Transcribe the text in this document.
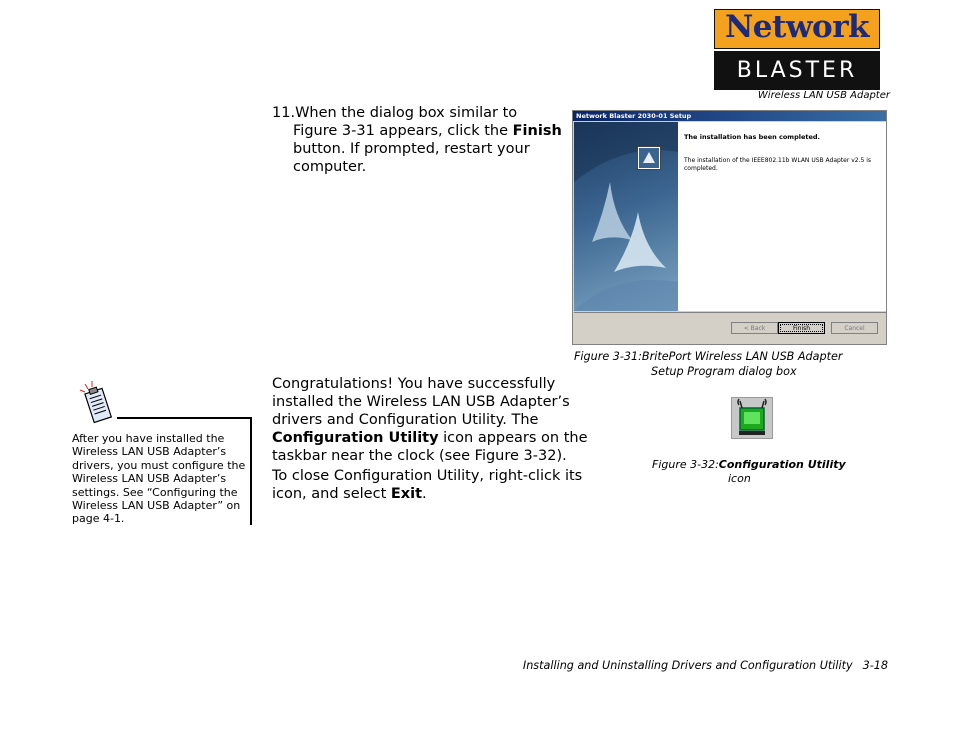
Network
BLASTER
Wireless LAN USB Adapter
11.When the dialog box similar to Figure 3-31 appears, click the Finish button. If prompted, restart your computer.
Network Blaster 2030-01 Setup
The installation has been completed.
The installation of the IEEE802.11b WLAN USB Adapter v2.5 is completed.
< Back	Finish	Cancel
Figure 3-31:BritePort Wireless LAN USB Adapter
Setup Program dialog box
After you have installed the Wireless LAN USB Adapter’s drivers, you must configure the Wireless LAN USB Adapter’s settings. See “Configuring the Wireless LAN USB Adapter” on page 4-1.
Congratulations! You have successfully installed the Wireless LAN USB Adapter’s drivers and Configuration Utility. The Configuration Utility icon appears on the taskbar near the clock (see Figure 3-32).
To close Configuration Utility, right-click its icon, and select Exit.
Figure 3-32:Configuration Utility
icon
Installing and Uninstalling Drivers and Configuration Utility 3-18
